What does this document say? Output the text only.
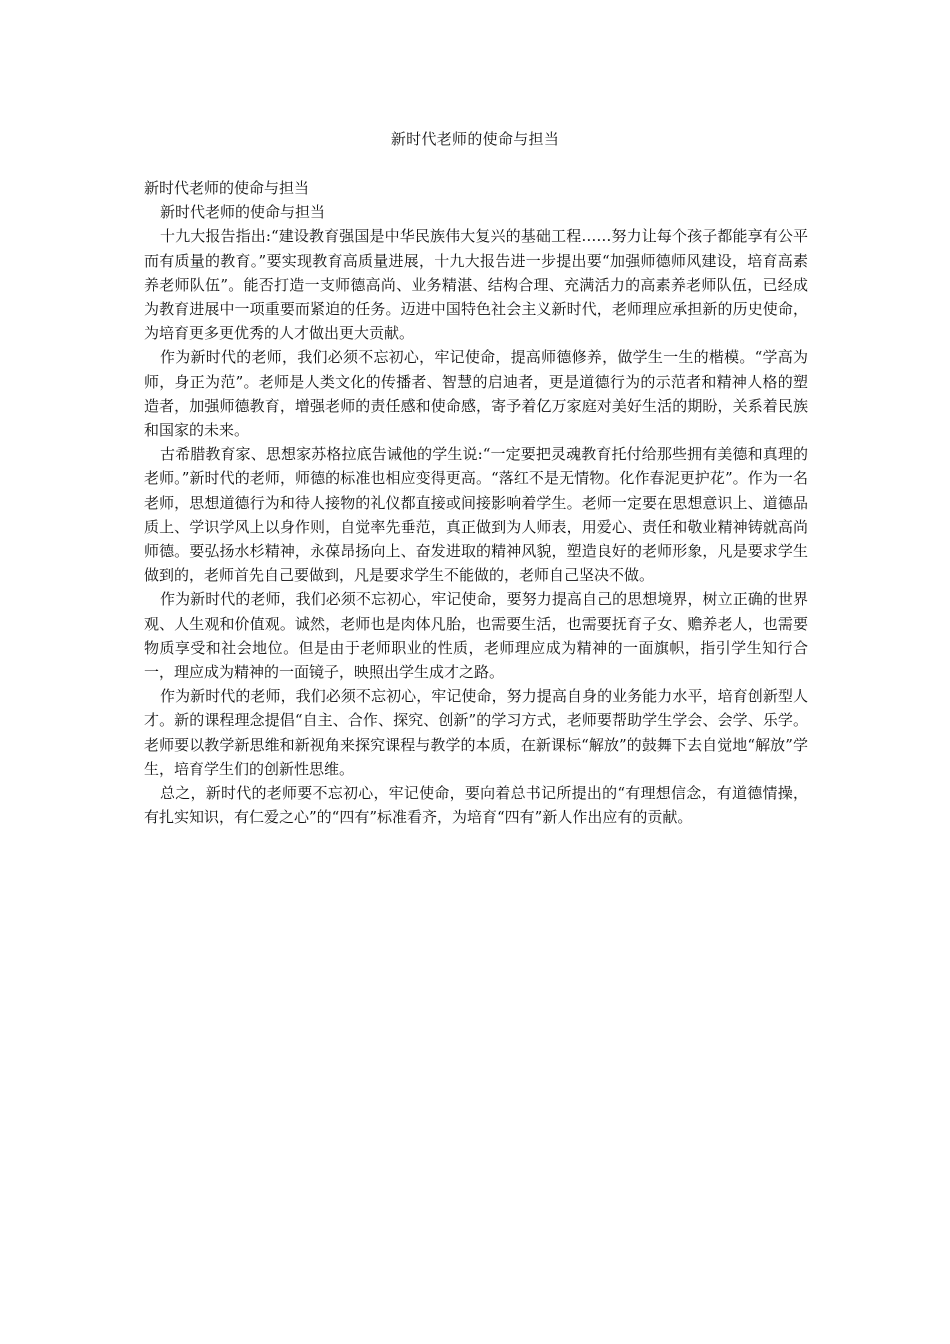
新时代老师的使命与担当

新时代老师的使命与担当

新时代老师的使命与担当

十九大报告指出:“建设教育强国是中华民族伟大复兴的基础工程……努力让每个孩子都能享有公平而有质量的教育。”要实现教育高质量进展，十九大报告进一步提出要“加强师德师风建设，培育高素养老师队伍”。能否打造一支师德高尚、业务精湛、结构合理、充满活力的高素养老师队伍，已经成为教育进展中一项重要而紧迫的任务。迈进中国特色社会主义新时代，老师理应承担新的历史使命，为培育更多更优秀的人才做出更大贡献。

作为新时代的老师，我们必须不忘初心，牢记使命，提高师德修养，做学生一生的楷模。“学高为师，身正为范”。老师是人类文化的传播者、智慧的启迪者，更是道德行为的示范者和精神人格的塑造者，加强师德教育，增强老师的责任感和使命感，寄予着亿万家庭对美好生活的期盼，关系着民族和国家的未来。

古希腊教育家、思想家苏格拉底告诫他的学生说:“一定要把灵魂教育托付给那些拥有美德和真理的老师。”新时代的老师，师德的标准也相应变得更高。“落红不是无情物。化作春泥更护花”。作为一名老师，思想道德行为和待人接物的礼仪都直接或间接影响着学生。老师一定要在思想意识上、道德品质上、学识学风上以身作则，自觉率先垂范，真正做到为人师表，用爱心、责任和敬业精神铸就高尚师德。要弘扬水杉精神，永葆昂扬向上、奋发进取的精神风貌，塑造良好的老师形象，凡是要求学生做到的，老师首先自己要做到，凡是要求学生不能做的，老师自己坚决不做。

作为新时代的老师，我们必须不忘初心，牢记使命，要努力提高自己的思想境界，树立正确的世界观、人生观和价值观。诚然，老师也是肉体凡胎，也需要生活，也需要抚育子女、赡养老人，也需要物质享受和社会地位。但是由于老师职业的性质，老师理应成为精神的一面旗帜，指引学生知行合一，理应成为精神的一面镜子，映照出学生成才之路。

作为新时代的老师，我们必须不忘初心，牢记使命，努力提高自身的业务能力水平，培育创新型人才。新的课程理念提倡“自主、合作、探究、创新”的学习方式，老师要帮助学生学会、会学、乐学。老师要以教学新思维和新视角来探究课程与教学的本质，在新课标“解放”的鼓舞下去自觉地“解放”学生，培育学生们的创新性思维。

总之，新时代的老师要不忘初心，牢记使命，要向着总书记所提出的“有理想信念，有道德情操，有扎实知识，有仁爱之心”的“四有”标准看齐，为培育“四有”新人作出应有的贡献。
